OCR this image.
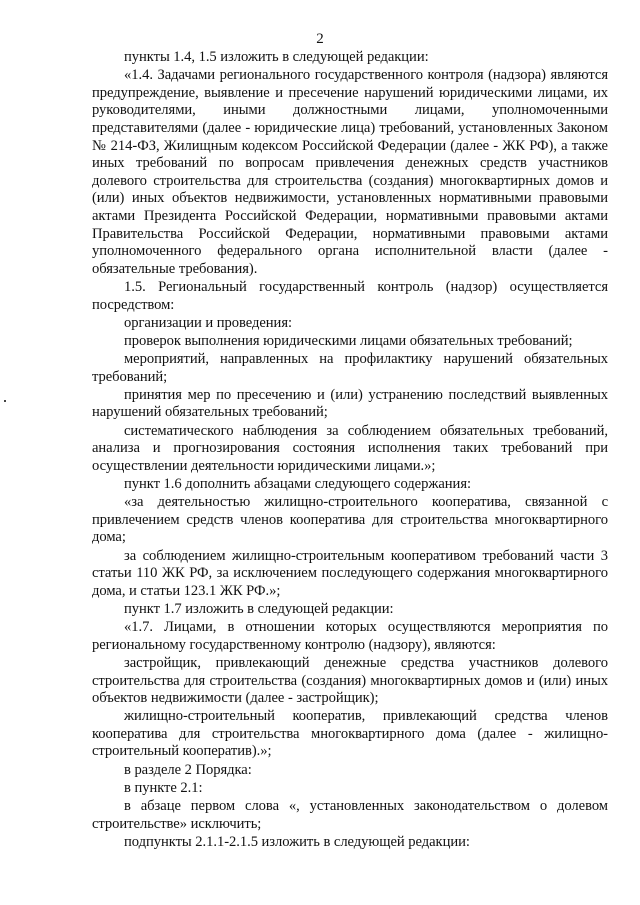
2

пункты 1.4, 1.5 изложить в следующей редакции:

«1.4. Задачами регионального государственного контроля (надзора) являются предупреждение, выявление и пресечение нарушений юридическими лицами, их руководителями, иными должностными лицами, уполномоченными представителями (далее - юридические лица) требований, установленных Законом № 214-ФЗ, Жилищным кодексом Российской Федерации (далее - ЖК РФ), а также иных требований по вопросам привлечения денежных средств участников долевого строительства для строительства (создания) многоквартирных домов и (или) иных объектов недвижимости, установленных нормативными правовыми актами Президента Российской Федерации, нормативными правовыми актами Правительства Российской Федерации, нормативными правовыми актами уполномоченного федерального органа исполнительной власти (далее - обязательные требования).

1.5. Региональный государственный контроль (надзор) осуществляется посредством:

организации и проведения:

проверок выполнения юридическими лицами обязательных требований;

мероприятий, направленных на профилактику нарушений обязательных требований;

принятия мер по пресечению и (или) устранению последствий выявленных нарушений обязательных требований;

систематического наблюдения за соблюдением обязательных требований, анализа и прогнозирования состояния исполнения таких требований при осуществлении деятельности юридическими лицами.»;

пункт 1.6 дополнить абзацами следующего содержания:

«за деятельностью жилищно-строительного кооператива, связанной с привлечением средств членов кооператива для строительства многоквартирного дома;

за соблюдением жилищно-строительным кооперативом требований части 3 статьи 110 ЖК РФ, за исключением последующего содержания многоквартирного дома, и статьи 123.1 ЖК РФ.»;

пункт 1.7 изложить в следующей редакции:

«1.7. Лицами, в отношении которых осуществляются мероприятия по региональному государственному контролю (надзору), являются:

застройщик, привлекающий денежные средства участников долевого строительства для строительства (создания) многоквартирных домов и (или) иных объектов недвижимости (далее - застройщик);

жилищно-строительный кооператив, привлекающий средства членов кооператива для строительства многоквартирного дома (далее - жилищно-строительный кооператив).»;

в разделе 2 Порядка:

в пункте 2.1:

в абзаце первом слова «, установленных законодательством о долевом строительстве» исключить;

подпункты 2.1.1-2.1.5 изложить в следующей редакции:
